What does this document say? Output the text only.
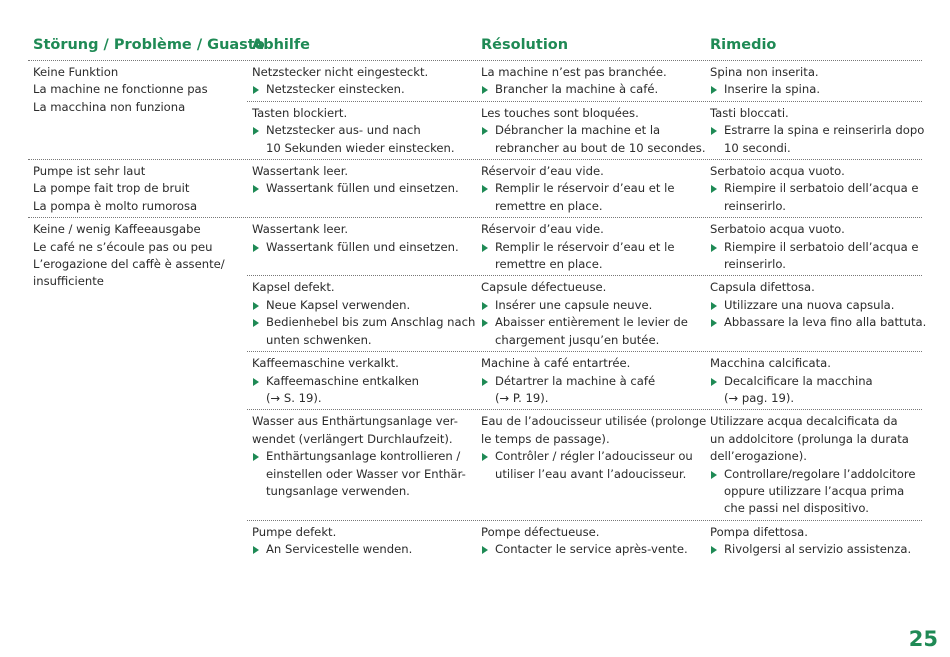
Störung / Problème / Guasto
Abhilfe	Résolution	Rimedio
Netzstecker nicht eingesteckt.
Netzstecker einstecken.
La machine n’est pas branchée.
Brancher la machine à café.
Spina non inserita.
Inserire la spina.
Tasten blockiert.
Netzstecker aus- und nach
10 Sekunden wieder einstecken.
Les touches sont bloquées.
Débrancher la machine et la
rebrancher au bout de 10 secondes.
Tasti bloccati.
Estrarre la spina e reinserirla dopo
10 secondi.
Keine Funktion
La machine ne fonctionne pas
La macchina non funziona
Wassertank leer.
Wassertank füllen und einsetzen.
Réservoir d’eau vide.
Remplir le réservoir d’eau et le
remettre en place.
Serbatoio acqua vuoto.
Riempire il serbatoio dell’acqua e
reinserirlo.
Pumpe ist sehr laut
La pompe fait trop de bruit
La pompa è molto rumorosa
Wassertank leer.
Wassertank füllen und einsetzen.
Réservoir d’eau vide.
Remplir le réservoir d’eau et le
remettre en place.
Serbatoio acqua vuoto.
Riempire il serbatoio dell’acqua e
reinserirlo.
Kapsel defekt.
Neue Kapsel verwenden.
Bedienhebel bis zum Anschlag nach
unten schwenken.
Capsule défectueuse.
Insérer une capsule neuve.
Abaisser entièrement le levier de
chargement jusqu’en butée.
Capsula difettosa.
Utilizzare una nuova capsula.
Abbassare la leva fino alla battuta.
Kaffeemaschine verkalkt.
Kaffeemaschine entkalken
(→ S. 19).
Machine à café entartrée.
Détartrer la machine à café
(→ P. 19).
Macchina calcificata.
Decalcificare la macchina
(→ pag. 19).
Wasser aus Enthärtungsanlage ver-
wendet (verlängert Durchlaufzeit).
Enthärtungsanlage kontrollieren /
einstellen oder Wasser vor Enthär-
tungsanlage verwenden.
Eau de l’adoucisseur utilisée (prolonge
le temps de passage).
Contrôler / régler l’adoucisseur ou
utiliser l’eau avant l’adoucisseur.
Utilizzare acqua decalcificata da
un addolcitore (prolunga la durata
dell’erogazione).
Controllare/regolare l’addolcitore
oppure utilizzare l’acqua prima
che passi nel dispositivo.
Pumpe defekt.
An Servicestelle wenden.
Pompe défectueuse.
Contacter le service après-vente.
Pompa difettosa.
Rivolgersi al servizio assistenza.
Keine / wenig Kaffeeausgabe
Le café ne s’écoule pas ou peu
L’erogazione del caffè è assente/
insufficiente
25
